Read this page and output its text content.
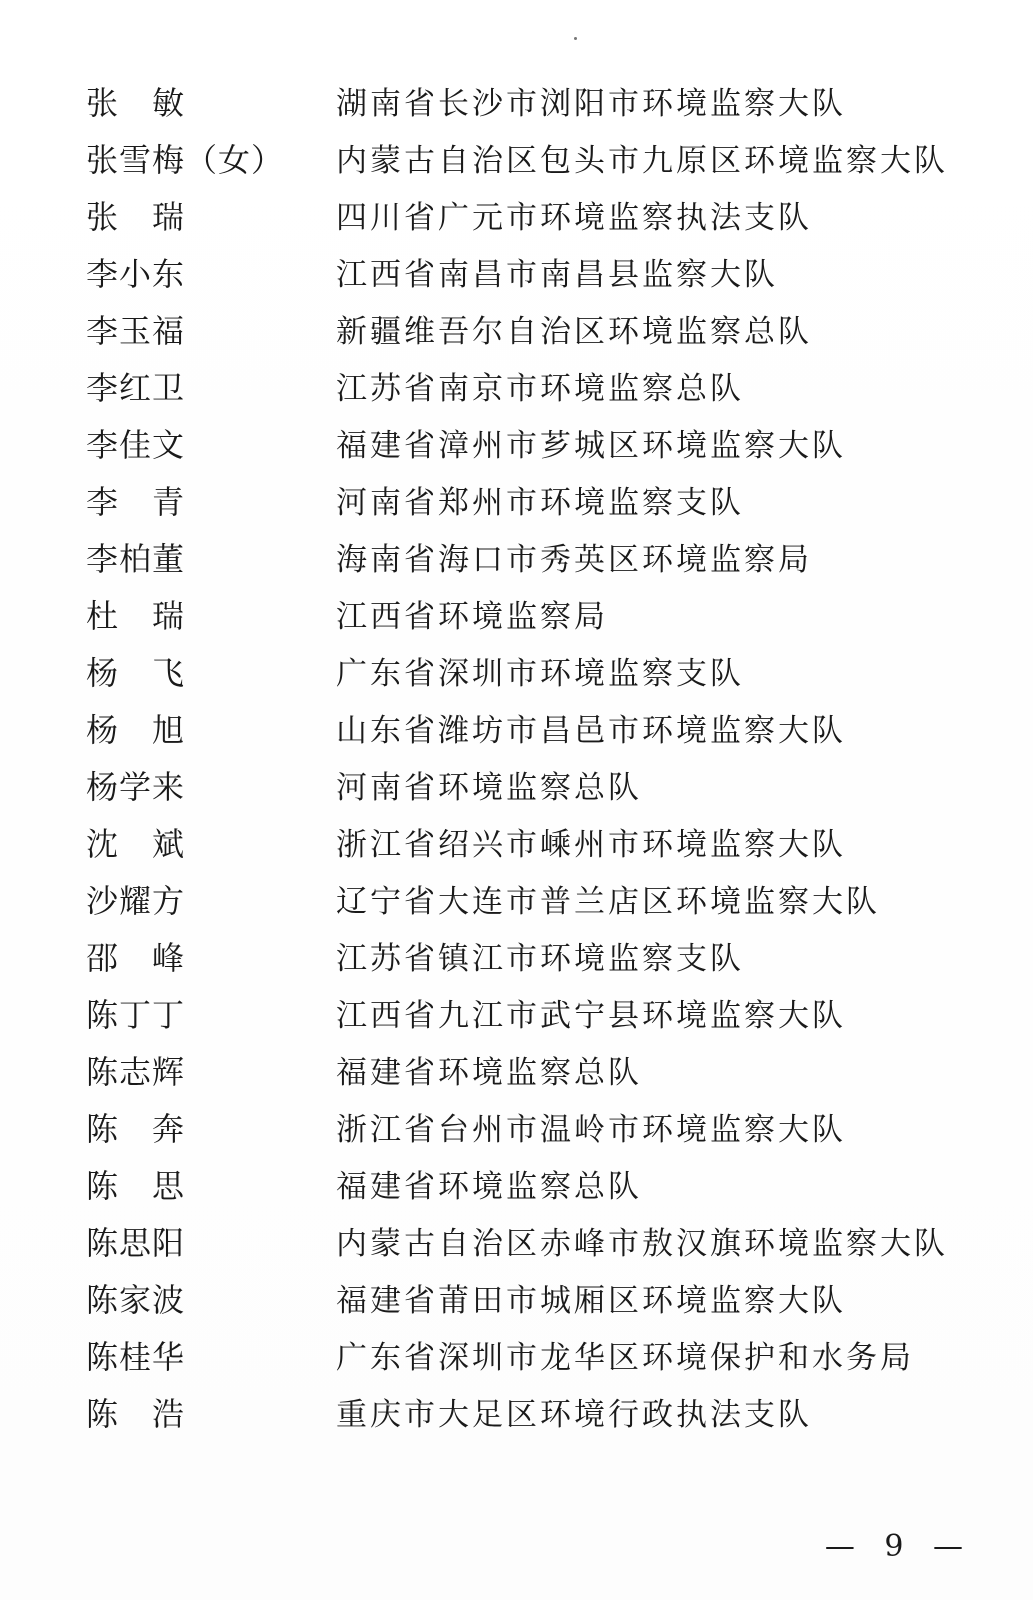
张　敏	湖南省长沙市浏阳市环境监察大队
张雪梅（女）	内蒙古自治区包头市九原区环境监察大队
张　瑞	四川省广元市环境监察执法支队
李小东	江西省南昌市南昌县监察大队
李玉福	新疆维吾尔自治区环境监察总队
李红卫	江苏省南京市环境监察总队
李佳文	福建省漳州市芗城区环境监察大队
李　青	河南省郑州市环境监察支队
李柏董	海南省海口市秀英区环境监察局
杜　瑞	江西省环境监察局
杨　飞	广东省深圳市环境监察支队
杨　旭	山东省潍坊市昌邑市环境监察大队
杨学来	河南省环境监察总队
沈　斌	浙江省绍兴市嵊州市环境监察大队
沙耀方	辽宁省大连市普兰店区环境监察大队
邵　峰	江苏省镇江市环境监察支队
陈丁丁	江西省九江市武宁县环境监察大队
陈志辉	福建省环境监察总队
陈　奔	浙江省台州市温岭市环境监察大队
陈　思	福建省环境监察总队
陈思阳	内蒙古自治区赤峰市敖汉旗环境监察大队
陈家波	福建省莆田市城厢区环境监察大队
陈桂华	广东省深圳市龙华区环境保护和水务局
陈　浩	重庆市大足区环境行政执法支队
— 9 —
